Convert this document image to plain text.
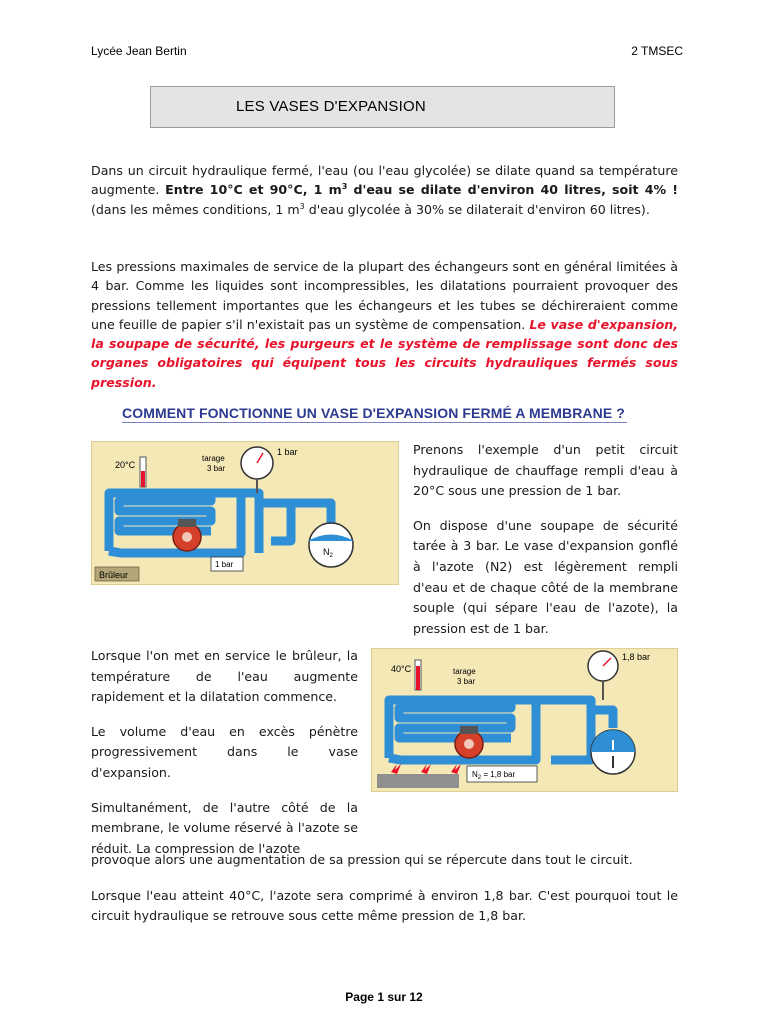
Lycée Jean Bertin	2 TMSEC
LES VASES D'EXPANSION

Dans un circuit hydraulique fermé, l'eau (ou l'eau glycolée) se dilate quand sa température augmente. Entre 10°C et 90°C, 1 $m^3$ d'eau se dilate d'environ 40 litres, soit 4% ! (dans les mêmes conditions, 1 $m^3$ d'eau glycolée à 30% se dilaterait d'environ 60 litres).

Les pressions maximales de service de la plupart des échangeurs sont en général limitées à 4 bar. Comme les liquides sont incompressibles, les dilatations pourraient provoquer des pressions tellement importantes que les échangeurs et les tubes se déchireraient comme une feuille de papier s'il n'existait pas un système de compensation. Le vase d'expansion, la soupape de sécurité, les purgeurs et le système de remplissage sont donc des organes obligatoires qui équipent tous les circuits hydrauliques fermés sous pression.

COMMENT FONCTIONNE UN VASE D'EXPANSION FERMÉ A MEMBRANE ?

20°C
tarage
3 bar
1 bar
$N_2$
1 bar
Brûleur

Prenons l'exemple d'un petit circuit hydraulique de chauffage rempli d'eau à 20°C sous une pression de 1 bar.

On dispose d'une soupape de sécurité tarée à 3 bar. Le vase d'expansion gonflé à l'azote (N2) est légèrement rempli d'eau et de chaque côté de la membrane souple (qui sépare l'eau de l'azote), la pression est de 1 bar.

Lorsque l'on met en service le brûleur, la température de l'eau augmente rapidement et la dilatation commence.

Le volume d'eau en excès pénètre progressivement dans le vase d'expansion.

Simultanément, de l'autre côté de la membrane, le volume réservé à l'azote se réduit. La compression de l'azote

40°C	tarage
3 bar
1,8 bar
$N_2 = 1,8$ bar

provoque alors une augmentation de sa pression qui se répercute dans tout le circuit.

Lorsque l'eau atteint 40°C, l'azote sera comprimé à environ 1,8 bar. C'est pourquoi tout le circuit hydraulique se retrouve sous cette même pression de 1,8 bar.

Page 1 sur 12
